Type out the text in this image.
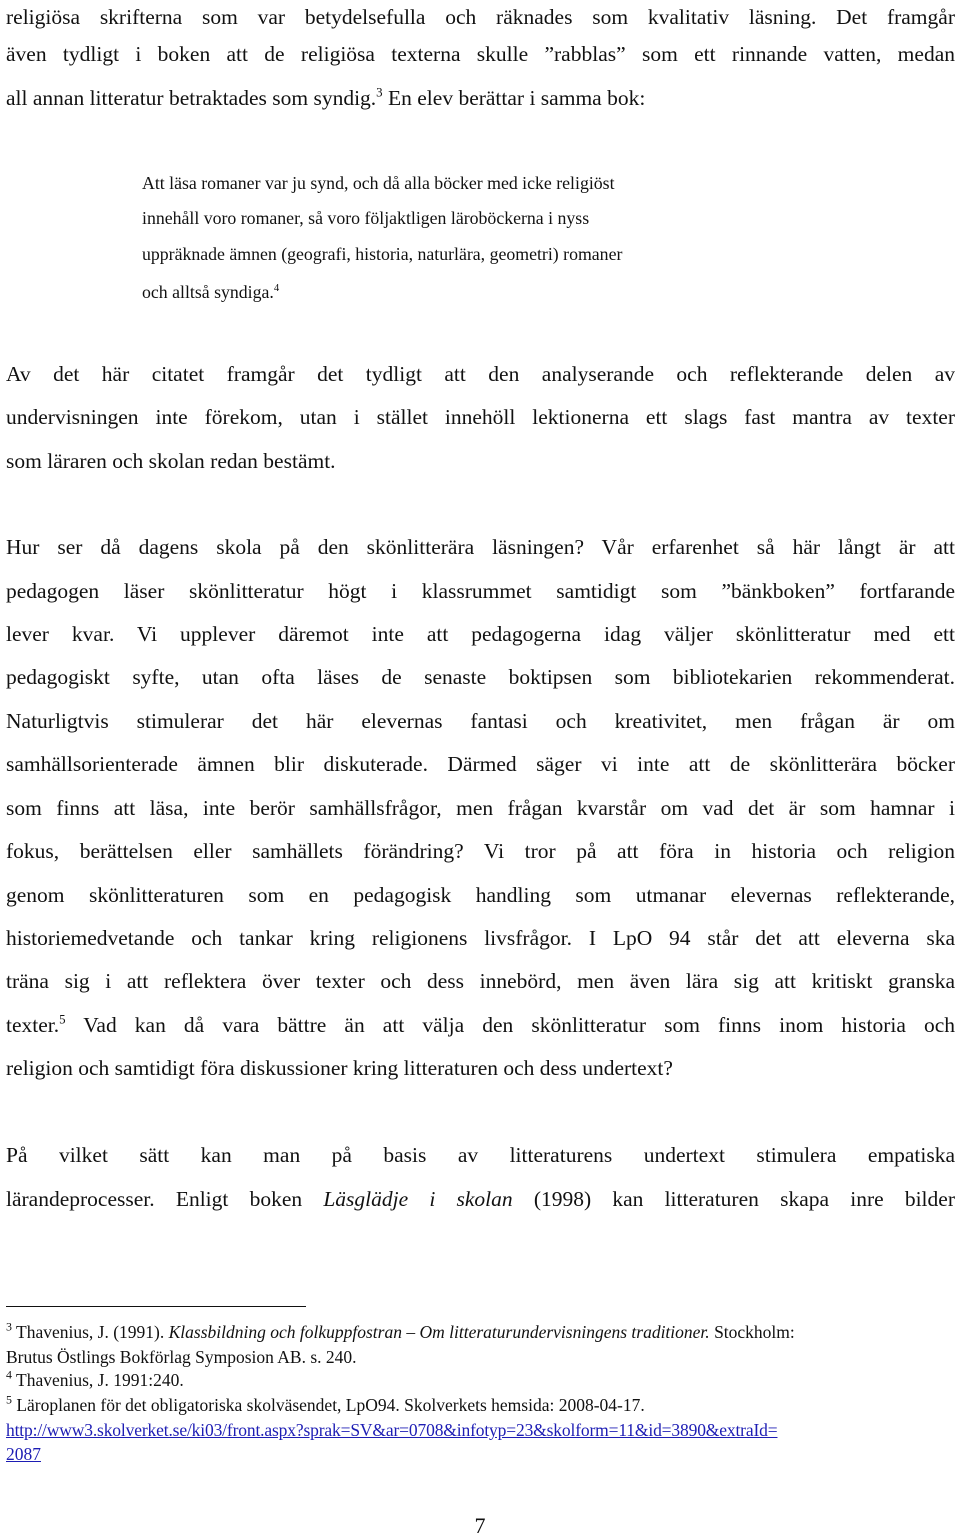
religiösa skrifterna som var betydelsefulla och räknades som kvalitativ läsning. Det framgår
även tydligt i boken att de religiösa texterna skulle ”rabblas” som ett rinnande vatten, medan
all annan litteratur betraktades som syndig.$^3$ En elev berättar i samma bok:
Att läsa romaner var ju synd, och då alla böcker med icke religiöst
innehåll voro romaner, så voro följaktligen läroböckerna i nyss
uppräknade ämnen (geografi, historia, naturlära, geometri) romaner
och alltså syndiga.$^4$
Av det här citatet framgår det tydligt att den analyserande och reflekterande delen av
undervisningen inte förekom, utan i stället innehöll lektionerna ett slags fast mantra av texter
som läraren och skolan redan bestämt.
Hur ser då dagens skola på den skönlitterära läsningen? Vår erfarenhet så här långt är att
pedagogen läser skönlitteratur högt i klassrummet samtidigt som ”bänkboken” fortfarande
lever kvar. Vi upplever däremot inte att pedagogerna idag väljer skönlitteratur med ett
pedagogiskt syfte, utan ofta läses de senaste boktipsen som bibliotekarien rekommenderat.
Naturligtvis stimulerar det här elevernas fantasi och kreativitet, men frågan är om
samhällsorienterade ämnen blir diskuterade. Därmed säger vi inte att de skönlitterära böcker
som finns att läsa, inte berör samhällsfrågor, men frågan kvarstår om vad det är som hamnar i
fokus, berättelsen eller samhällets förändring? Vi tror på att föra in historia och religion
genom skönlitteraturen som en pedagogisk handling som utmanar elevernas reflekterande,
historiemedvetande och tankar kring religionens livsfrågor. I LpO 94 står det att eleverna ska
träna sig i att reflektera över texter och dess innebörd, men även lära sig att kritiskt granska
texter.$^5$ Vad kan då vara bättre än att välja den skönlitteratur som finns inom historia och
religion och samtidigt föra diskussioner kring litteraturen och dess undertext?
På vilket sätt kan man på basis av litteraturens undertext stimulera empatiska
lärandeprocesser. Enligt boken Läsglädje i skolan (1998) kan litteraturen skapa inre bilder
$^3$ Thavenius, J. (1991). Klassbildning och folkuppfostran – Om litteraturundervisningens traditioner. Stockholm:
Brutus Östlings Bokförlag Symposion AB. s. 240.
$^4$ Thavenius, J. 1991:240.
$^5$ Läroplanen för det obligatoriska skolväsendet, LpO94. Skolverkets hemsida: 2008-04-17.
http://www3.skolverket.se/ki03/front.aspx?sprak=SV&ar=0708&infotyp=23&skolform=11&id=3890&extraId=
2087
7
